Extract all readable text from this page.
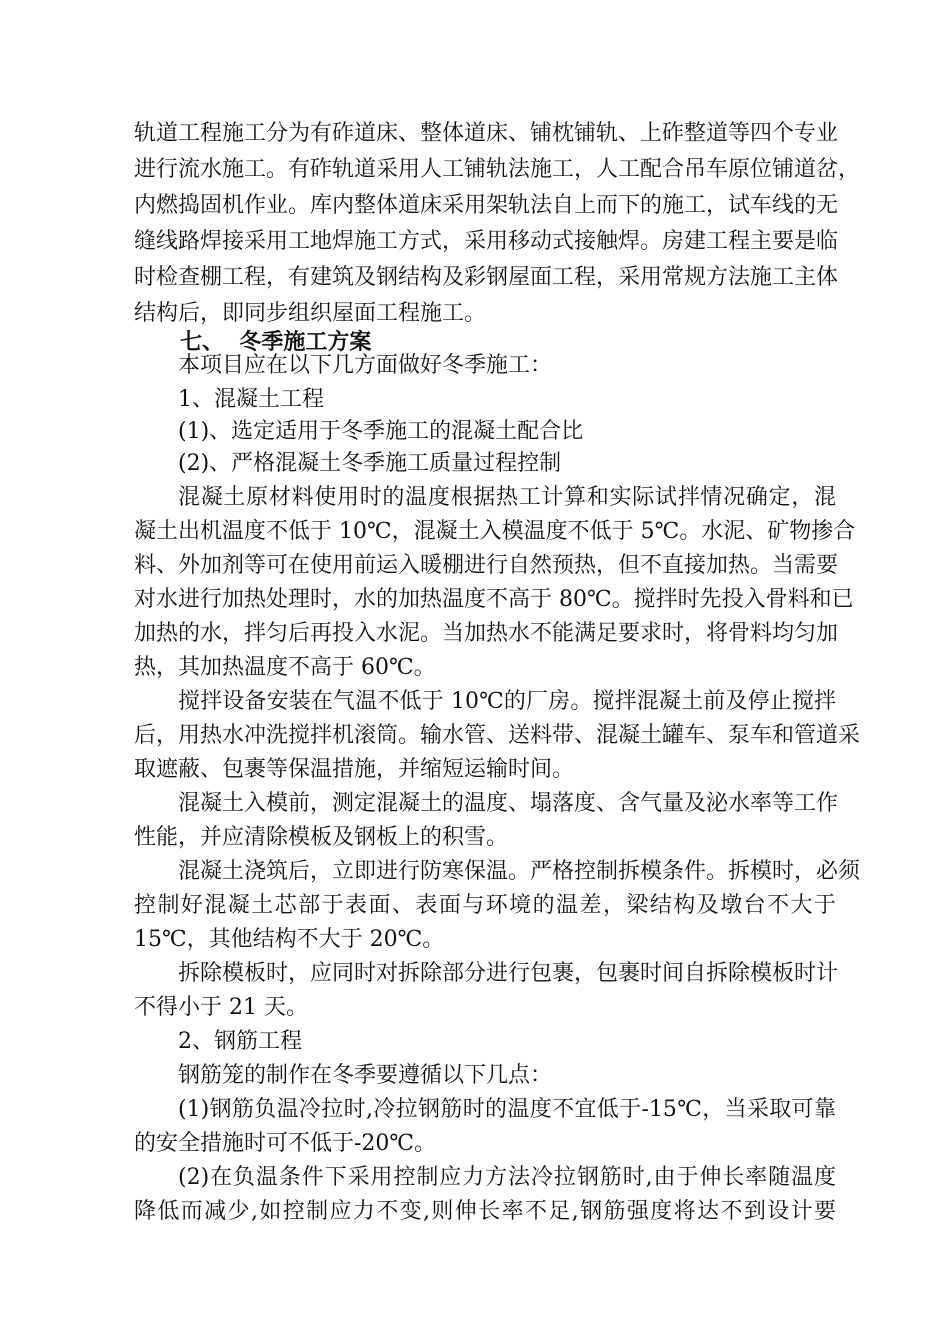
轨道工程施工分为有砟道床、整体道床、铺枕铺轨、上砟整道等四个专业
进行流水施工。有砟轨道采用人工铺轨法施工，人工配合吊车原位铺道岔，
内燃捣固机作业。库内整体道床采用架轨法自上而下的施工，试车线的无
缝线路焊接采用工地焊施工方式，采用移动式接触焊。房建工程主要是临
时检查棚工程，有建筑及钢结构及彩钢屋面工程，采用常规方法施工主体
结构后，即同步组织屋面工程施工。
七、  冬季施工方案
本项目应在以下几方面做好冬季施工：
1、混凝土工程
(1)、选定适用于冬季施工的混凝土配合比
(2)、严格混凝土冬季施工质量过程控制
混凝土原材料使用时的温度根据热工计算和实际试拌情况确定，混
凝土出机温度不低于 10℃，混凝土入模温度不低于 5℃。水泥、矿物掺合
料、外加剂等可在使用前运入暖棚进行自然预热，但不直接加热。当需要
对水进行加热处理时，水的加热温度不高于 80℃。搅拌时先投入骨料和已
加热的水，拌匀后再投入水泥。当加热水不能满足要求时，将骨料均匀加
热，其加热温度不高于 60℃。
搅拌设备安装在气温不低于 10℃的厂房。搅拌混凝土前及停止搅拌
后，用热水冲洗搅拌机滚筒。输水管、送料带、混凝土罐车、泵车和管道采
取遮蔽、包裹等保温措施，并缩短运输时间。
混凝土入模前，测定混凝土的温度、塌落度、含气量及泌水率等工作
性能，并应清除模板及钢板上的积雪。
混凝土浇筑后，立即进行防寒保温。严格控制拆模条件。拆模时，必须
控制好混凝土芯部于表面、表面与环境的温差，梁结构及墩台不大于
15℃，其他结构不大于 20℃。
拆除模板时，应同时对拆除部分进行包裹，包裹时间自拆除模板时计
不得小于 21 天。
2、钢筋工程
钢筋笼的制作在冬季要遵循以下几点：
(1)钢筋负温冷拉时,冷拉钢筋时的温度不宜低于-15℃，当采取可靠
的安全措施时可不低于-20℃。
(2)在负温条件下采用控制应力方法冷拉钢筋时,由于伸长率随温度
降低而减少,如控制应力不变,则伸长率不足,钢筋强度将达不到设计要
